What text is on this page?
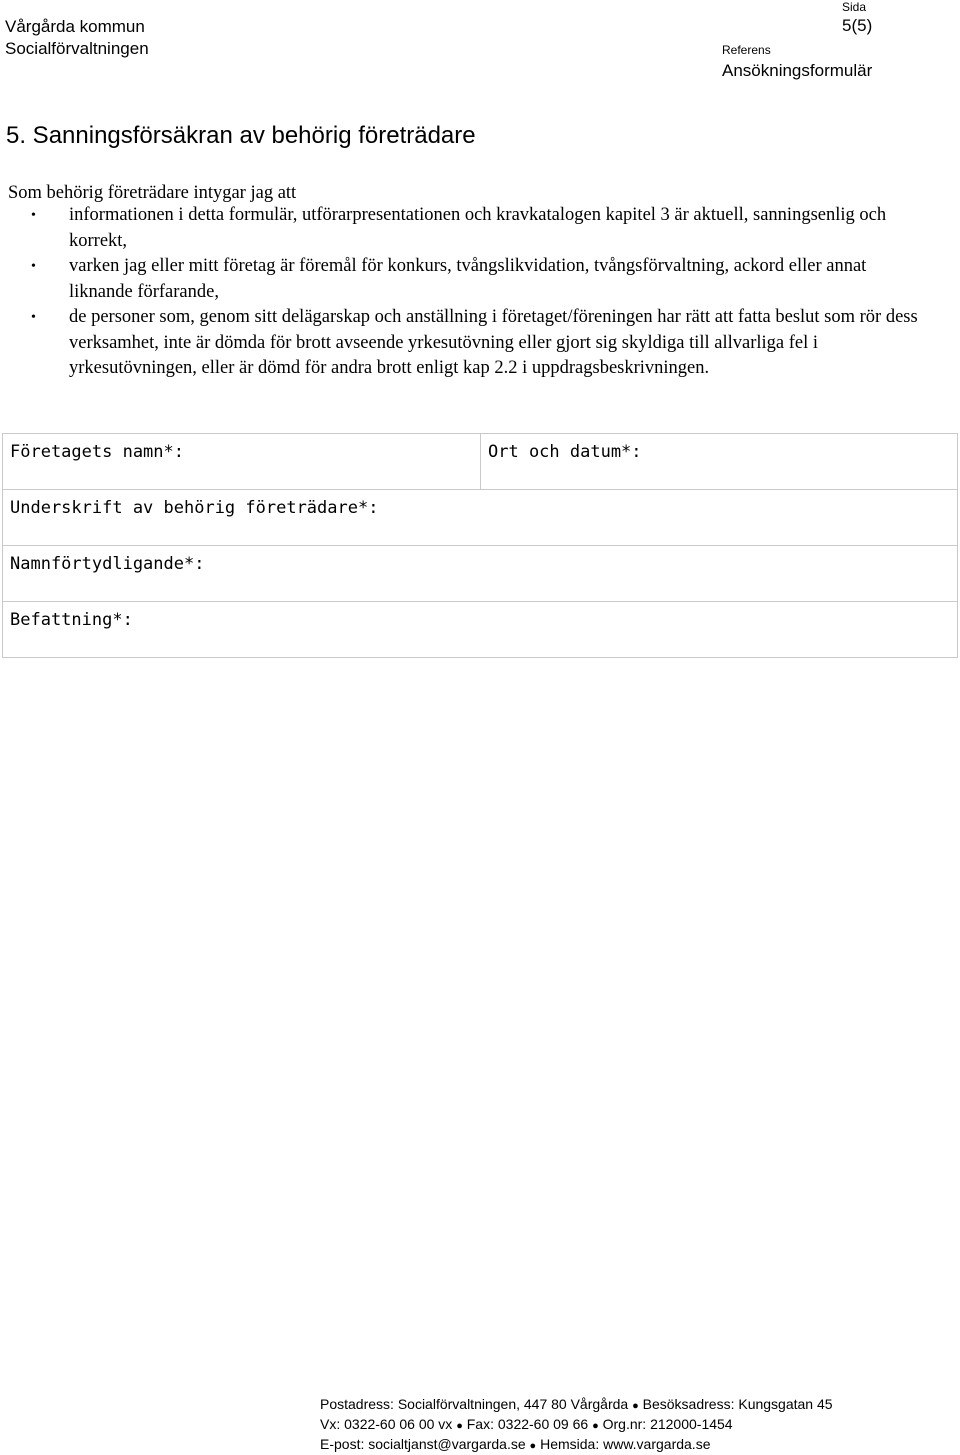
Vårgårda kommun
Socialförvaltningen
Sida
5(5)
Referens
Ansökningsformulär
5. Sanningsförsäkran av behörig företrädare
Som behörig företrädare intygar jag att
• informationen i detta formulär, utförarpresentationen och kravkatalogen kapitel 3 är aktuell, sanningsenlig och korrekt,
• varken jag eller mitt företag är föremål för konkurs, tvångslikvidation, tvångsförvaltning, ackord eller annat liknande förfarande,
• de personer som, genom sitt delägarskap och anställning i företaget/föreningen har rätt att fatta beslut som rör dess verksamhet, inte är dömda för brott avseende yrkesutövning eller gjort sig skyldiga till allvarliga fel i yrkesutövningen, eller är dömd för andra brott enligt kap 2.2 i uppdragsbeskrivningen.
Företagets namn*:	Ort och datum*:
Underskrift av behörig företrädare*:
Namnförtydligande*:
Befattning*:
Postadress: Socialförvaltningen, 447 80 Vårgårda ● Besöksadress: Kungsgatan 45
Vx: 0322-60 06 00 vx ● Fax: 0322-60 09 66 ● Org.nr: 212000-1454
E-post: socialtjanst@vargarda.se ● Hemsida: www.vargarda.se
